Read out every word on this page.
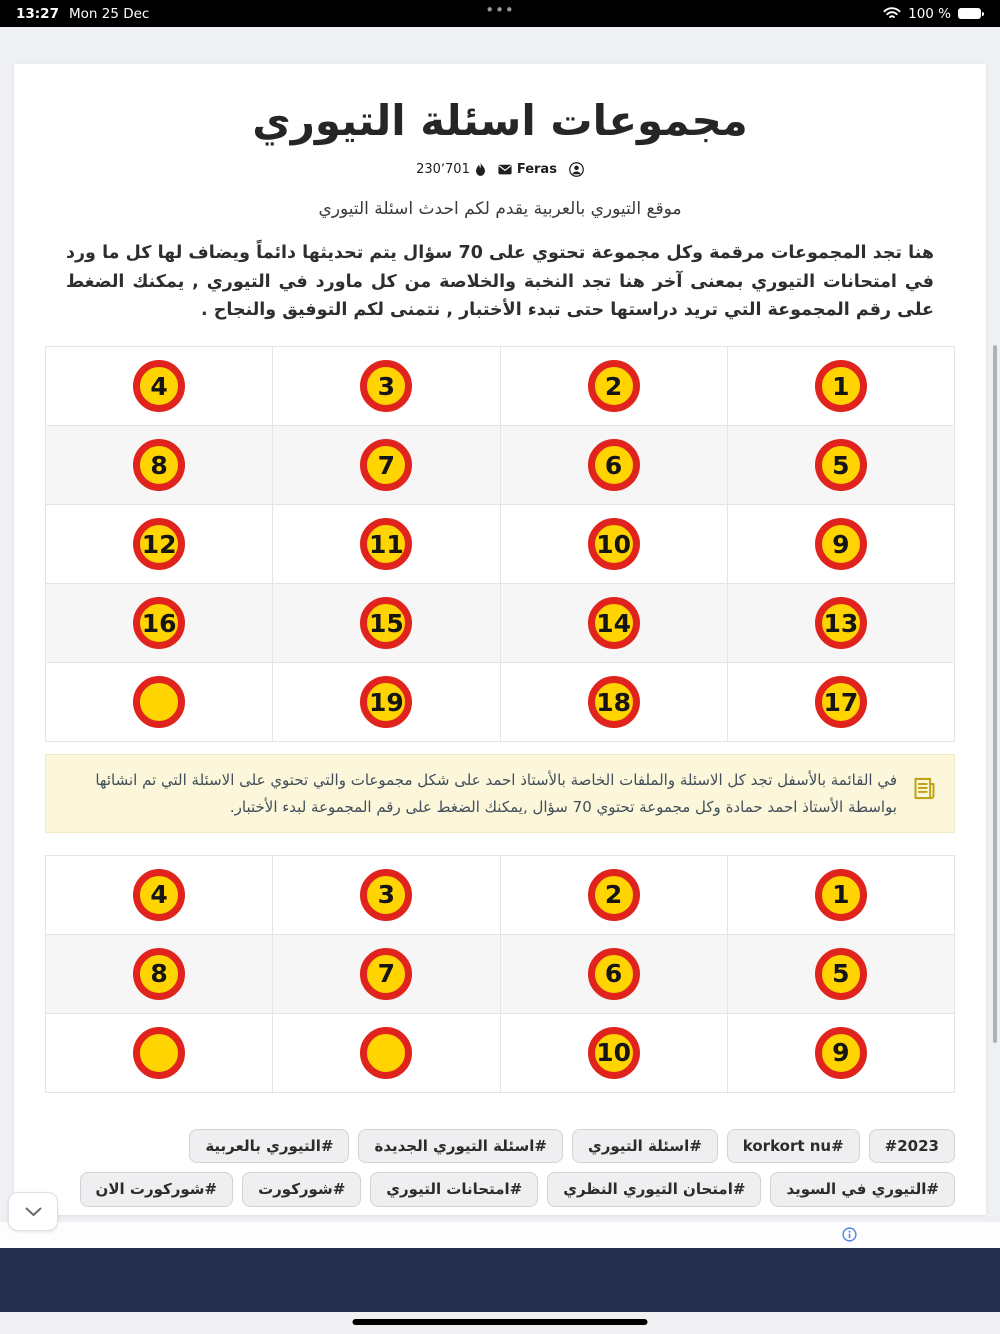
13:27 Mon 25 Dec	•••	100 %
مجموعات اسئلة التيوري
Feras
230٬701

موقع التيوري بالعربية يقدم لكم احدث اسئلة التيوري

هنا تجد المجموعات مرقمة وكل مجموعة تحتوي على 70 سؤال يتم تحديثها دائماً ويضاف لها كل ما ورد في امتحانات التيوري بمعنى آخر هنا تجد النخبة والخلاصة من كل ماورد في التيوري , يمكنك الضغط على رقم المجموعة التي تريد دراستها حتى تبدء الأختبار , نتمنى لكم التوفيق والنجاح .

1
2
3
4
5
6
7
8
9
10
11
12
13
14
15
16
17
18
19

في القائمة بالأسفل تجد كل الاسئلة والملفات الخاصة بالأستاذ احمد على شكل مجموعات والتي تحتوي على الاسئلة التي تم انشائها بواسطة الأستاذ احمد حمادة وكل مجموعة تحتوي 70 سؤال ,يمكنك الضغط على رقم المجموعة لبدء الأختبار.

1
2
3
4
5
6
7
8
9
10
#2023
korkort nu#
#اسئلة التيوري
#اسئلة التيوري الجديدة
#التيوري بالعربية
#التيوري في السويد
#امتحان التيوري النظري
#امتحانات التيوري
#شوركورت
#شوركورت الان
